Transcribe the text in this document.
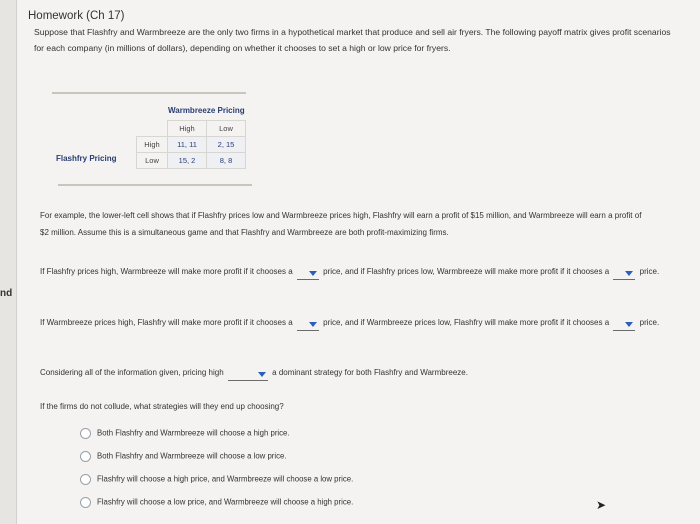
nd
Homework (Ch 17)
Suppose that Flashfry and Warmbreeze are the only two firms in a hypothetical market that produce and sell air fryers. The following payoff matrix gives profit scenarios for each company (in millions of dollars), depending on whether it chooses to set a high or low price for fryers.
Warmbreeze Pricing
Flashfry Pricing
	High	Low
High	11, 11	2, 15
Low	15, 2	8, 8
For example, the lower-left cell shows that if Flashfry prices low and Warmbreeze prices high, Flashfry will earn a profit of $15 million, and Warmbreeze will earn a profit of $2 million. Assume this is a simultaneous game and that Flashfry and Warmbreeze are both profit-maximizing firms.
If Flashfry prices high, Warmbreeze will make more profit if it chooses a	price, and if Flashfry prices low, Warmbreeze will make more profit if it chooses a	price.
If Warmbreeze prices high, Flashfry will make more profit if it chooses a	price, and if Warmbreeze prices low, Flashfry will make more profit if it chooses a	price.
Considering all of the information given, pricing high	a dominant strategy for both Flashfry and Warmbreeze.
If the firms do not collude, what strategies will they end up choosing?
Both Flashfry and Warmbreeze will choose a high price.
Both Flashfry and Warmbreeze will choose a low price.
Flashfry will choose a high price, and Warmbreeze will choose a low price.
Flashfry will choose a low price, and Warmbreeze will choose a high price.	➤
